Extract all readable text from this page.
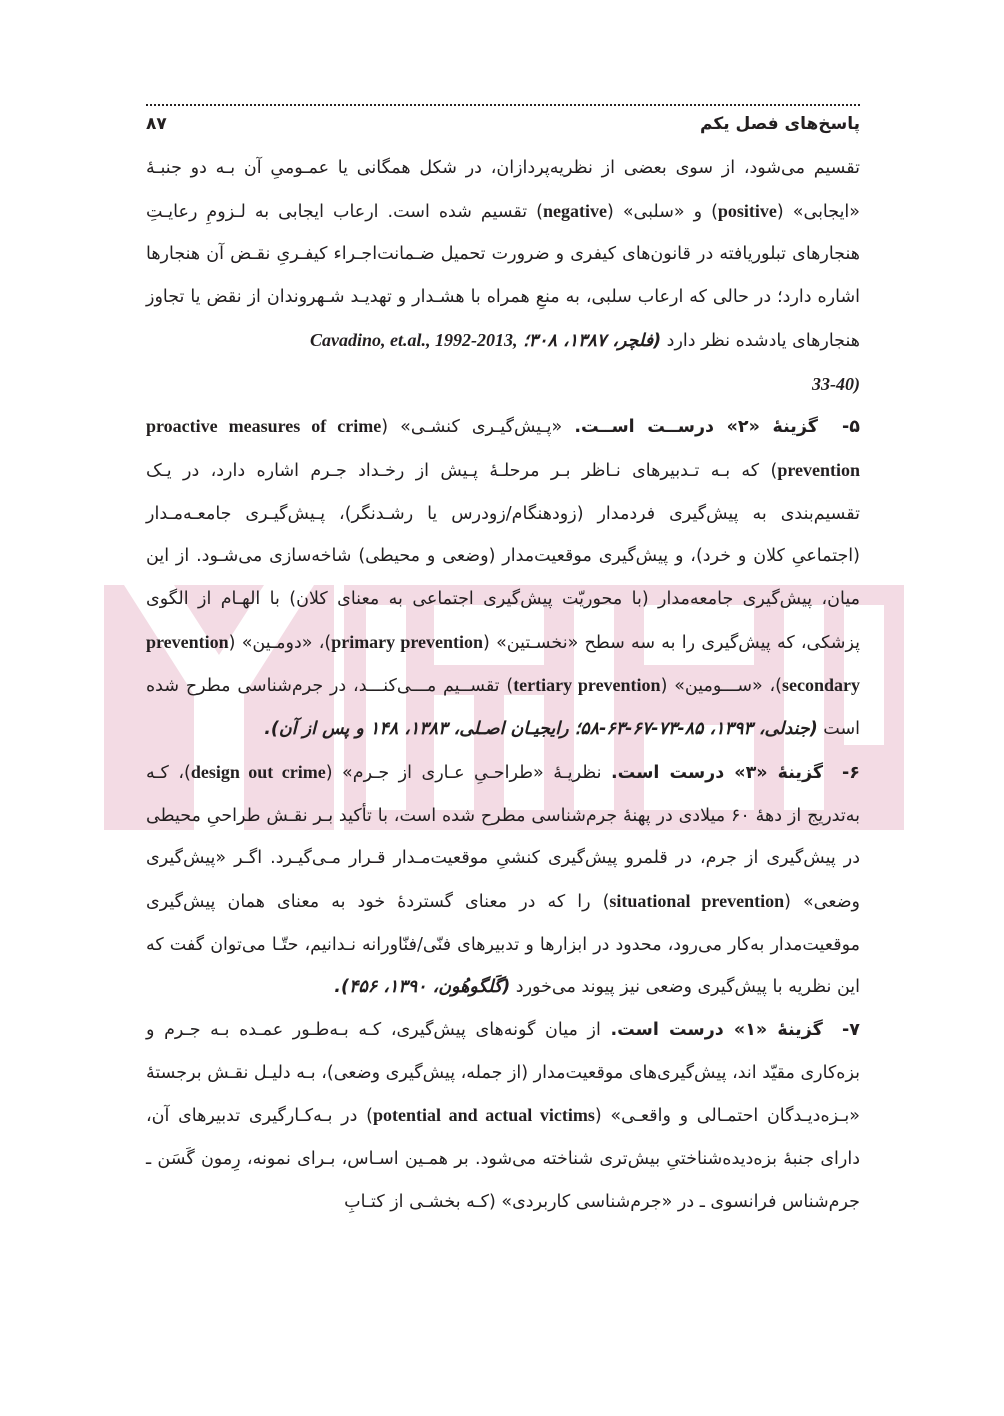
پاسخ‌های فصل یکم
۸۷

تقسیم می‌شود، از سوی بعضی از نظریه‌پردازان، در شکل همگانی یا عمـومیِ آن بـه دو جنبـۀ «ایجابی» (positive) و «سلبی» (negative) تقسیم شده است. ارعاب ایجابی به لـزومِ رعایـتِ هنجارهای تبلوریافته در قانون‌های کیفری و ضرورت تحمیل ضـمانت‌اجـراء کیفـریِ نقـض آن هنجارها اشاره دارد؛ در حالی که ارعاب سلبی، به منعِ همراه با هشـدار و تهدیـد شـهروندان از نقض یا تجاوز هنجارهای یادشده نظر دارد (فلچر، ۱۳۸۷، ۳۰۸؛ Cavadino, et.al., 1992-2013,
33-40)

۵-  گزینۀ «۲» درســت اســت. «پـیش‌گیـری کنشـی» (proactive measures of crime prevention) که بـه تـدبیرهای نـاظر بـر مرحلـۀ پـیش از رخـداد جـرم اشاره دارد، در یـک تقسیم‌بندی به پیش‌گیری فردمدار (زودهنگام/زودرس یا رشـدنگر)، پـیش‌گیـری جامعـه‌مـدار (اجتماعیِ کلان و خرد)، و پیش‌گیری موقعیت‌مدار (وضعی و محیطی) شاخه‌سازی می‌شـود. از این میان، پیش‌گیری جامعه‌مدار (با محوریّت پیش‌گیری اجتماعی به معنای کلان) با الهـام از الگوی پزشکی، که پیش‌گیری را به سه سطح «نخسـتین» (primary prevention)، «دومـین» (prevention secondary)، «ســـومین» (tertiary prevention) تقســیم مـــی‌کنـــد، در جرم‌شناسی مطرح شده است (جندلی، ۱۳۹۳، ۸۵-۷۳-۶۷-۶۳-۵۸؛ رایجیـان اصـلی، ۱۳۸۳، ۱۴۸ و پس از آن).

۶-  گزینۀ «۳» درست است. نظریـۀ «طراحـیِ عـاری از جـرم» (design out crime)، کـه به‌تدریج از دهۀ ۶۰ میلادی در پهنۀ جرم‌شناسی مطرح شده است، با تأکید بـر نقـش طراحیِ محیطی در پیش‌گیری از جرم، در قلمرو پیش‌گیری کنشیِ موقعیت‌مـدار قـرار مـی‌گیـرد. اگـر «پیش‌گیری وضعی» (situational prevention) را که در معنای گستردۀ خود به معنای همان پیش‌گیری موقعیت‌مدار به‌کار می‌رود، محدود در ابزارها و تدبیرهای فنّی/فنّاورانه نـدانیم، حتّـا می‌توان گفت که این نظریه با پیش‌گیری وضعی نیز پیوند می‌خورد (گَلگوهُون، ۱۳۹۰، ۴۵۶).

۷-  گزینۀ «۱» درست است. از میان گونه‌های پیش‌گیری، کـه بـه‌طـور عمـده بـه جـرم و بزه‌کاری مقیّد اند، پیش‌گیری‌های موقعیت‌مدار (از جمله، پیش‌گیری وضعی)، بـه دلیـل نقـش برجستۀ «بـزه‌دیـدگان احتمـالی و واقعـی» (potential and actual victims) در بـه‌کـارگیری تدبیرهای آن، دارای جنبۀ بزه‌دیده‌شناختیِ بیش‌تری شناخته می‌شود. بر همـین اسـاس، بـرای نمونه، رِمون گَسَن ـ جرم‌شناس فرانسوی ـ در «جرم‌شناسی کاربردی» (کـه بخشـی از کتـابِ
